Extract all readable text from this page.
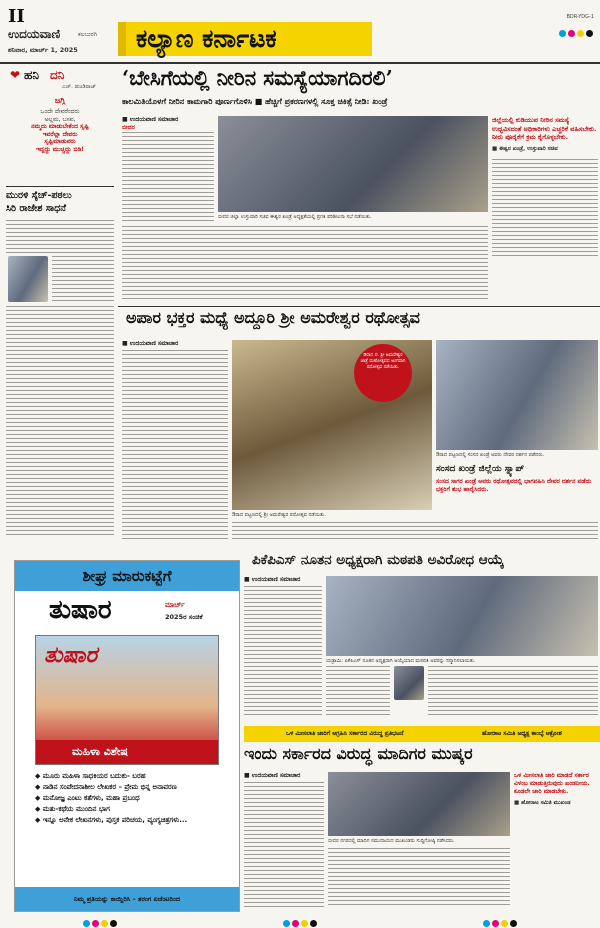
II
ಉದಯವಾಣಿ	ಕಲಬುರಗಿ
ಶನಿವಾರ, ಮಾರ್ಚ್ 1, 2025	ಕಲ್ಯಾಣ ಕರ್ನಾಟಕ
BDR-YDG-1
❤ ಹನಿ ದನಿ
ಎಚ್. ಡುಂಡಿರಾಜ್
ಜಗ್ಗಿ
ಒಂದೇ ದೇವರೆಂದರು
ಅಲ್ಲಮ, ಬಸವ,
ನಮ್ಮದು ಮಾಡುಬೇಕೆಂದ ಸೃಷ್ಟಿ
ಇವರೆಲ್ಲಾ ದೇವರು
ಸೃಷ್ಟಿಮಾಡುವರು
ಇದ್ದದ್ದು ಮುಚ್ಚಿದ್ದು ಬಿಡಿ!
ಮುರಳಿ ಸ್ಕೆಚ್-ಪಠಲು
ಸಿರಿ ರಾಜೇಶ ಸಾಧನೆ
‘ಬೇಸಿಗೆಯಲ್ಲಿ ನೀರಿನ ಸಮಸ್ಯೆಯಾಗದಿರಲಿ’
ಕಾಲಮಿತಿಯೊಳಗೆ ನೀರಿನ ಕಾಮಗಾರಿ ಪೂರ್ಣಗೊಳಿಸಿ ■ ಹೆಚ್ಚಿಗೆ ಪ್ರಕರಣಗಳಲ್ಲಿ ಸೂಕ್ತ ಚಿಕಿತ್ಸೆ ನೀಡಿ: ಖಂಡ್ರೆ
■ ಉದಯವಾಣಿ ಸಮಾಚಾರ
ಬೀದರ
ಬೀದರ ಜಿಲ್ಲಾ ಉಸ್ತುವಾರಿ ಸಚಿವ ಈಶ್ವರ ಖಂಡ್ರೆ ಅಧ್ಯಕ್ಷತೆಯಲ್ಲಿ ಪ್ರಗತಿ ಪರಿಶೀಲನಾ ಸಭೆ ನಡೆಯಿತು.
ಜಿಲ್ಲೆಯಲ್ಲಿ ಕುಡಿಯುವ ನೀರಿನ ಸಮಸ್ಯೆ ಉದ್ಭವಿಸದಂತೆ ಅಧಿಕಾರಿಗಳು ಎಚ್ಚರಿಕೆ ವಹಿಸಬೇಕು. ನೀರು ಪೂರೈಕೆಗೆ ಕ್ರಮ ಕೈಗೊಳ್ಳಬೇಕು.
■ ಈಶ್ವರ ಖಂಡ್ರೆ, ಉಸ್ತುವಾರಿ ಸಚಿವ
ಅಪಾರ ಭಕ್ತರ ಮಧ್ಯೆ ಅದ್ದೂರಿ ಶ್ರೀ ಅಮರೇಶ್ವರ ರಥೋತ್ಸವ
■ ಉದಯವಾಣಿ ಸಮಾಚಾರ
ಔರಾದ ಪಟ್ಟಣದಲ್ಲಿ ಶ್ರೀ ಅಮರೇಶ್ವರ ರಥೋತ್ಸವ ನಡೆಯಿತು.
ಔರಾದ ಪ. ಶ್ರೀ ಅಮರೇಶ್ವರ ಜಾತ್ರೆ ಮಹೋತ್ಸವದ ಅಂಗವಾಗಿ ರಥೋತ್ಸವ ನಡೆಯಿತು.
ಔರಾದ ಪಟ್ಟಣದಲ್ಲಿ ಸಂಸದ ಖಂಡ್ರೆ ಅವರು ದೇವರ ದರ್ಶನ ಪಡೆದರು.
ಸಂಸದ ಖಂಡ್ರೆ ಜಿಲ್ಲೆಯ ಸ್ನ್ಯಾಪ್
ಸಂಸದ ಸಾಗರ ಖಂಡ್ರೆ ಅವರು ರಥೋತ್ಸವದಲ್ಲಿ ಭಾಗವಹಿಸಿ ದೇವರ ದರ್ಶನ ಪಡೆದು ಭಕ್ತರಿಗೆ ಶುಭ ಹಾರೈಸಿದರು.
ಶೀಘ್ರ ಮಾರುಕಟ್ಟೆಗೆ
ತುಷಾರ	ಮಾರ್ಚ್
2025ರ ಸಂಚಿಕೆ
ತುಷಾರ
ಮಹಿಳಾ ವಿಶೇಷ
◆ ಮೂರು ಮಹಿಳಾ ಸಾಧಕಿಯರ ಬದುಕು- ಬರಹ
◆ ನಾಡಿನ ಸಂವೇದನಾಶೀಲ ಲೇಖಕರ – ಪ್ರೇಮ ಭಿನ್ನ ಅನಾವರಣ
◆ ಮನೋಜ್ಞ ಎಂಟು ಕತೆಗಳು, ಮಹಾ ಪ್ರಬಂಧ
◆ ಮತು-ಕಥೆಯ ಮುಂದಿನ ಭಾಗ
◆ ಇನ್ನೂ ಅನೇಕ ಲೇಖನಗಳು, ಪುಸ್ತಕ ಪರಿಚಯ, ವ್ಯಂಗ್ಯಚಿತ್ರಗಳು...
ನಿಮ್ಮ ಪ್ರತಿಯನ್ನು ಕಾಯ್ದಿರಿಸಿ – ತರಂಗ ಏಜೆಂಟರಿಂದ
ಪಿಕೆಪಿಎಸ್ ನೂತನ ಅಧ್ಯಕ್ಷರಾಗಿ ಮಠಪತಿ ಅವಿರೋಧ ಆಯ್ಕೆ
■ ಉದಯವಾಣಿ ಸಮಾಚಾರ
ಯಡ್ರಾಮಿ: ಪಿಕೆಪಿಎಸ್ ನೂತನ ಅಧ್ಯಕ್ಷರಾಗಿ ಆಯ್ಕೆಯಾದ ಮಠಪತಿ ಅವರನ್ನು ಸನ್ಮಾನಿಸಲಾಯಿತು.
ಒಳ ಮೀಸಲಾತಿ ಜಾರಿಗೆ ಆಗ್ರಹಿಸಿ ಸರ್ಕಾರದ ವಿರುದ್ಧ ಪ್ರತಿಭಟನೆ	ಹೋರಾಟ ಸಮಿತಿ ಅಧ್ಯಕ್ಷ ಕಾಂಬ್ಳೆ ಆಕ್ರೋಶ
ಇಂದು ಸರ್ಕಾರದ ವಿರುದ್ಧ ಮಾದಿಗರ ಮುಷ್ಕರ
■ ಉದಯವಾಣಿ ಸಮಾಚಾರ
ಬೀದರ ನಗರದಲ್ಲಿ ಮಾದಿಗ ಸಮುದಾಯದ ಮುಖಂಡರು ಸುದ್ದಿಗೋಷ್ಠಿ ನಡೆಸಿದರು.
ಒಳ ಮೀಸಲಾತಿ ಜಾರಿ ಮಾಡದೆ ಸರ್ಕಾರ ವಿಳಂಬ ಮಾಡುತ್ತಿರುವುದು ಖಂಡನೀಯ. ಕೂಡಲೇ ಜಾರಿ ಮಾಡಬೇಕು.
■ ಹೋರಾಟ ಸಮಿತಿ ಮುಖಂಡ
